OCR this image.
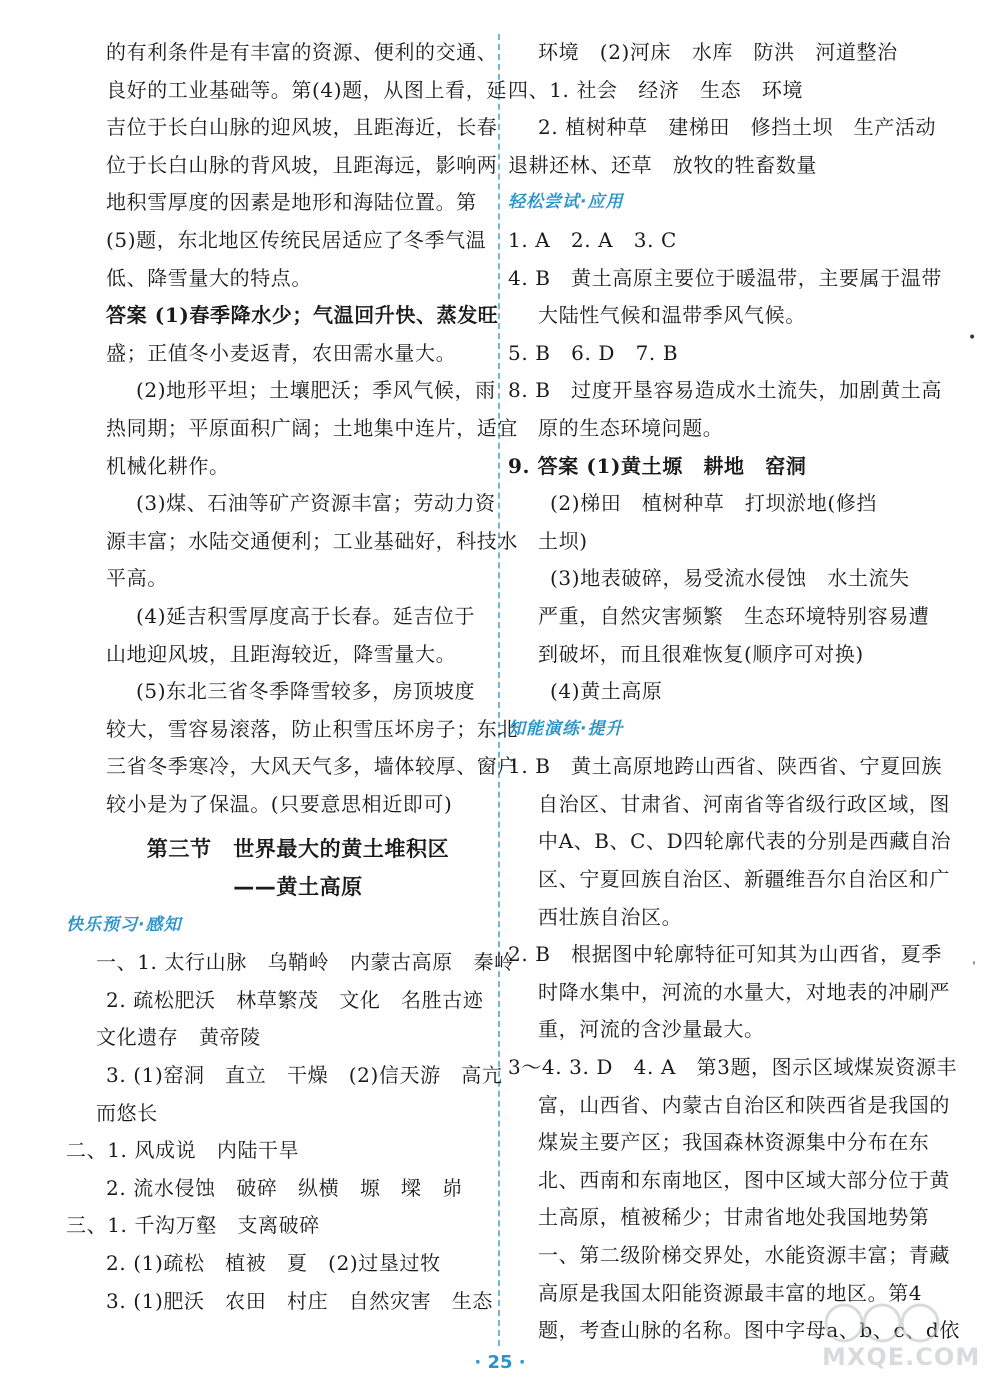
的有利条件是有丰富的资源、便利的交通、
良好的工业基础等。第(4)题，从图上看，延
吉位于长白山脉的迎风坡，且距海近，长春
位于长白山脉的背风坡，且距海远，影响两
地积雪厚度的因素是地形和海陆位置。第
(5)题，东北地区传统民居适应了冬季气温
低、降雪量大的特点。
答案 (1)春季降水少；气温回升快、蒸发旺
盛；正值冬小麦返青，农田需水量大。
(2)地形平坦；土壤肥沃；季风气候，雨
热同期；平原面积广阔；土地集中连片，适宜
机械化耕作。
(3)煤、石油等矿产资源丰富；劳动力资
源丰富；水陆交通便利；工业基础好，科技水
平高。
(4)延吉积雪厚度高于长春。延吉位于
山地迎风坡，且距海较近，降雪量大。
(5)东北三省冬季降雪较多，房顶坡度
较大，雪容易滚落，防止积雪压坏房子；东北
三省冬季寒冷，大风天气多，墙体较厚、窗户
较小是为了保温。(只要意思相近即可)
第三节　世界最大的黄土堆积区
——黄土高原
快乐预习·感知
一、1. 太行山脉　乌鞘岭　内蒙古高原　秦岭
2. 疏松肥沃　林草繁茂　文化　名胜古迹
文化遗存　黄帝陵
3. (1)窑洞　直立　干燥　(2)信天游　高亢
而悠长
二、1. 风成说　内陆干旱
2. 流水侵蚀　破碎　纵横　塬　墚　峁
三、1. 千沟万壑　支离破碎
2. (1)疏松　植被　夏　(2)过垦过牧
3. (1)肥沃　农田　村庄　自然灾害　生态
环境　(2)河床　水库　防洪　河道整治
四、1. 社会　经济　生态　环境
2. 植树种草　建梯田　修挡土坝　生产活动
退耕还林、还草　放牧的牲畜数量
轻松尝试·应用
1. A　2. A　3. C
4. B　黄土高原主要位于暖温带，主要属于温带
大陆性气候和温带季风气候。
5. B　6. D　7. B
8. B　过度开垦容易造成水土流失，加剧黄土高
原的生态环境问题。
9. 答案 (1)黄土塬　耕地　窑洞
(2)梯田　植树种草　打坝淤地(修挡
土坝)
(3)地表破碎，易受流水侵蚀　水土流失
严重，自然灾害频繁　生态环境特别容易遭
到破坏，而且很难恢复(顺序可对换)
(4)黄土高原
知能演练·提升
1. B　黄土高原地跨山西省、陕西省、宁夏回族
自治区、甘肃省、河南省等省级行政区域，图
中A、B、C、D四轮廓代表的分别是西藏自治
区、宁夏回族自治区、新疆维吾尔自治区和广
西壮族自治区。
2. B　根据图中轮廓特征可知其为山西省，夏季
时降水集中，河流的水量大，对地表的冲刷严
重，河流的含沙量最大。
3～4. 3. D　4. A　第3题，图示区域煤炭资源丰
富，山西省、内蒙古自治区和陕西省是我国的
煤炭主要产区；我国森林资源集中分布在东
北、西南和东南地区，图中区域大部分位于黄
土高原，植被稀少；甘肃省地处我国地势第
一、第二级阶梯交界处，水能资源丰富；青藏
高原是我国太阳能资源最丰富的地区。第4
题，考查山脉的名称。图中字母a、b、c、d依
•
ˈ
· 25 ·	MXQE.COM
